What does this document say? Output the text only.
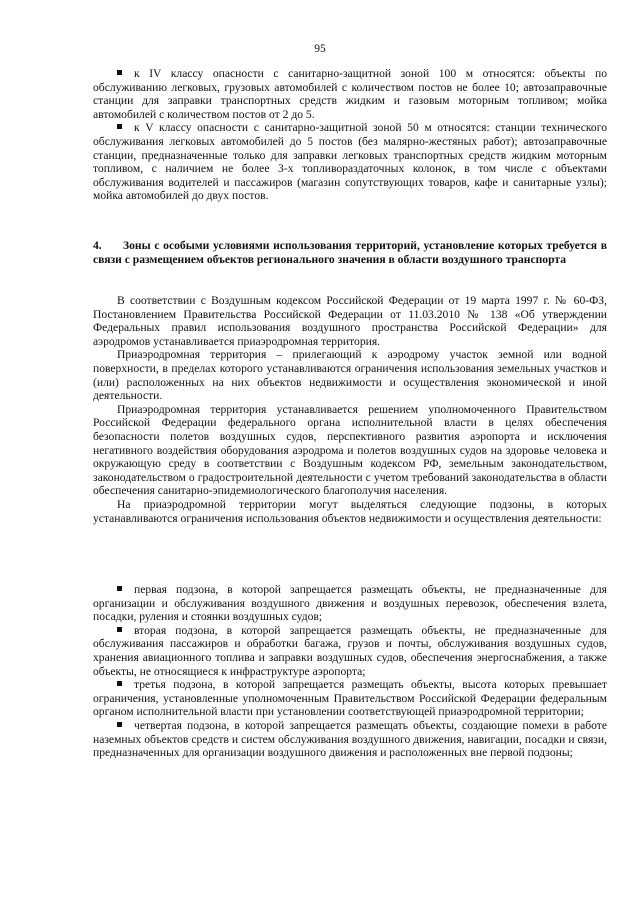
95
к IV классу опасности с санитарно-защитной зоной 100 м относятся: объекты по обслуживанию легковых, грузовых автомобилей с количеством постов не более 10; автозаправочные станции для заправки транспортных средств жидким и газовым моторным топливом; мойка автомобилей с количеством постов от 2 до 5.
к V классу опасности с санитарно-защитной зоной 50 м относятся: станции технического обслуживания легковых автомобилей до 5 постов (без малярно-жестяных работ); автозаправочные станции, предназначенные только для заправки легковых транспортных средств жидким моторным топливом, с наличием не более 3-х топливораздаточных колонок, в том числе с объектами обслуживания водителей и пассажиров (магазин сопутствующих товаров, кафе и санитарные узлы); мойка автомобилей до двух постов.
4. Зоны с особыми условиями использования территорий, установление которых требуется в связи с размещением объектов регионального значения в области воздушного транспорта
В соответствии с Воздушным кодексом Российской Федерации от 19 марта 1997 г. № 60-ФЗ, Постановлением Правительства Российской Федерации от 11.03.2010 № 138 «Об утверждении Федеральных правил использования воздушного пространства Российской Федерации» для аэродромов устанавливается приаэродромная территория.
Приаэродромная территория – прилегающий к аэродрому участок земной или водной поверхности, в пределах которого устанавливаются ограничения использования земельных участков и (или) расположенных на них объектов недвижимости и осуществления экономической и иной деятельности.
Приаэродромная территория устанавливается решением уполномоченного Правительством Российской Федерации федерального органа исполнительной власти в целях обеспечения безопасности полетов воздушных судов, перспективного развития аэропорта и исключения негативного воздействия оборудования аэродрома и полетов воздушных судов на здоровье человека и окружающую среду в соответствии с Воздушным кодексом РФ, земельным законодательством, законодательством о градостроительной деятельности с учетом требований законодательства в области обеспечения санитарно-эпидемиологического благополучия населения.
На приаэродромной территории могут выделяться следующие подзоны, в которых устанавливаются ограничения использования объектов недвижимости и осуществления деятельности:
первая подзона, в которой запрещается размещать объекты, не предназначенные для организации и обслуживания воздушного движения и воздушных перевозок, обеспечения взлета, посадки, руления и стоянки воздушных судов;
вторая подзона, в которой запрещается размещать объекты, не предназначенные для обслуживания пассажиров и обработки багажа, грузов и почты, обслуживания воздушных судов, хранения авиационного топлива и заправки воздушных судов, обеспечения энергоснабжения, а также объекты, не относящиеся к инфраструктуре аэропорта;
третья подзона, в которой запрещается размещать объекты, высота которых превышает ограничения, установленные уполномоченным Правительством Российской Федерации федеральным органом исполнительной власти при установлении соответствующей приаэродромной территории;
четвертая подзона, в которой запрещается размещать объекты, создающие помехи в работе наземных объектов средств и систем обслуживания воздушного движения, навигации, посадки и связи, предназначенных для организации воздушного движения и расположенных вне первой подзоны;
